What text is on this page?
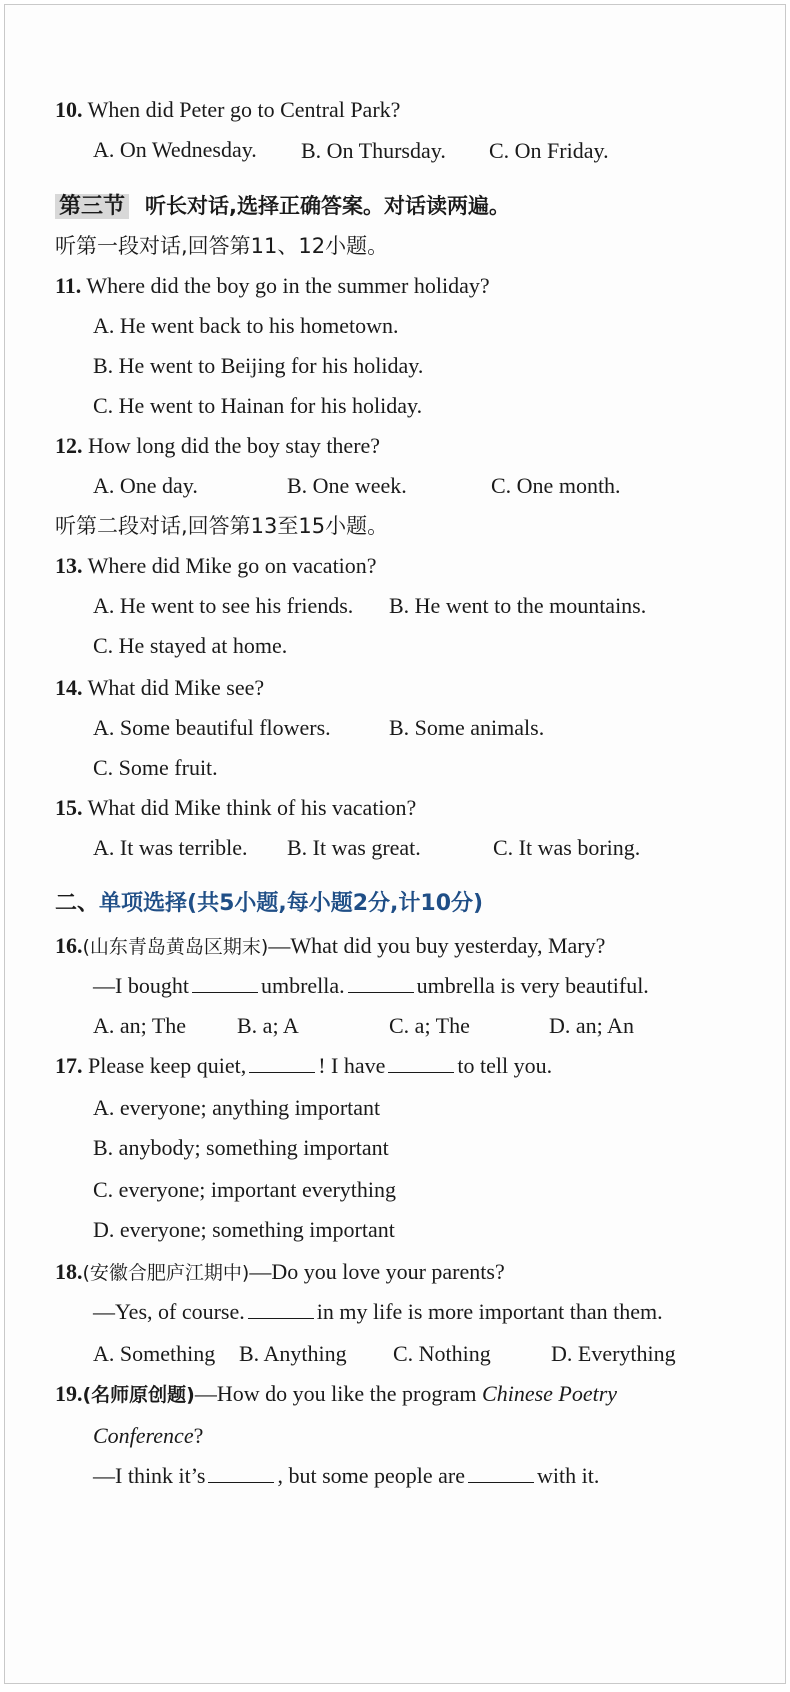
10. When did Peter go to Central Park?
A. On Wednesday. B. On Thursday. C. On Friday.
第三节 听长对话,选择正确答案。对话读两遍。
听第一段对话,回答第11、12小题。
11. Where did the boy go in the summer holiday?
A. He went back to his hometown.
B. He went to Beijing for his holiday.
C. He went to Hainan for his holiday.
12. How long did the boy stay there?
A. One day.	B. One week.	C. One month.
听第二段对话,回答第13至15小题。
13. Where did Mike go on vacation?
A. He went to see his friends. B. He went to the mountains.
C. He stayed at home.
14. What did Mike see?
A. Some beautiful flowers.	B. Some animals.
C. Some fruit.
15. What did Mike think of his vacation?
A. It was terrible. B. It was great.	C. It was boring.
二、单项选择(共5小题,每小题2分,计10分)
16.(山东青岛黄岛区期末)—What did you buy yesterday, Mary?
—I bought	umbrella.	umbrella is very beautiful.
A. an; The B. a; A	C. a; The	D. an; An
17. Please keep quiet,	! I have	to tell you.
A. everyone; anything important
B. anybody; something important
C. everyone; important everything
D. everyone; something important
18.(安徽合肥庐江期中)—Do you love your parents?
—Yes, of course.	in my life is more important than them.
A. Something B. Anything C. Nothing	D. Everything
19.(名师原创题)—How do you like the program Chinese Poetry
Conference?
—I think it’s	, but some people are	with it.
